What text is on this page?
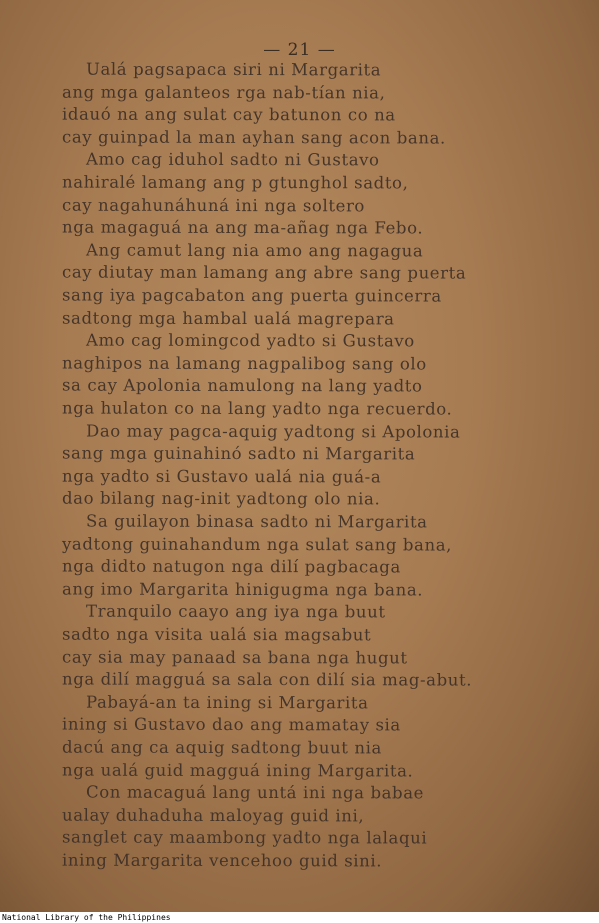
— 21 —
Ualá pagsapaca siri ni Margarita
ang mga galanteos rga nab-tían nia,
idauó na ang sulat cay batunon co na
cay guinpad la man ayhan sang acon bana.
Amo cag iduhol sadto ni Gustavo
nahiralé lamang ang p gtunghol sadto,
cay nagahunáhuná ini nga soltero
nga magaguá na ang ma-añag nga Febo.
Ang camut lang nia amo ang nagagua
cay diutay man lamang ang abre sang puerta
sang iya pagcabaton ang puerta guincerra
sadtong mga hambal ualá magrepara
Amo cag lomingcod yadto si Gustavo
naghipos na lamang nagpalibog sang olo
sa cay Apolonia namulong na lang yadto
nga hulaton co na lang yadto nga recuerdo.
Dao may pagca-aquig yadtong si Apolonia
sang mga guinahinó sadto ni Margarita
nga yadto si Gustavo ualá nia guá-a
dao bilang nag-init yadtong olo nia.
Sa guilayon binasa sadto ni Margarita
yadtong guinahandum nga sulat sang bana,
nga didto natugon nga dilí pagbacaga
ang imo Margarita hinigugma nga bana.
Tranquilo caayo ang iya nga buut
sadto nga visita ualá sia magsabut
cay sia may panaad sa bana nga hugut
nga dilí magguá sa sala con dilí sia mag-abut.
Pabayá-an ta ining si Margarita
ining si Gustavo dao ang mamatay sia
dacú ang ca aquig sadtong buut nia
nga ualá guid magguá ining Margarita.
Con macaguá lang untá ini nga babae
ualay duhaduha maloyag guid ini,
sanglet cay maambong yadto nga lalaqui
ining Margarita vencehoo guid sini.
National Library of the Philippines
